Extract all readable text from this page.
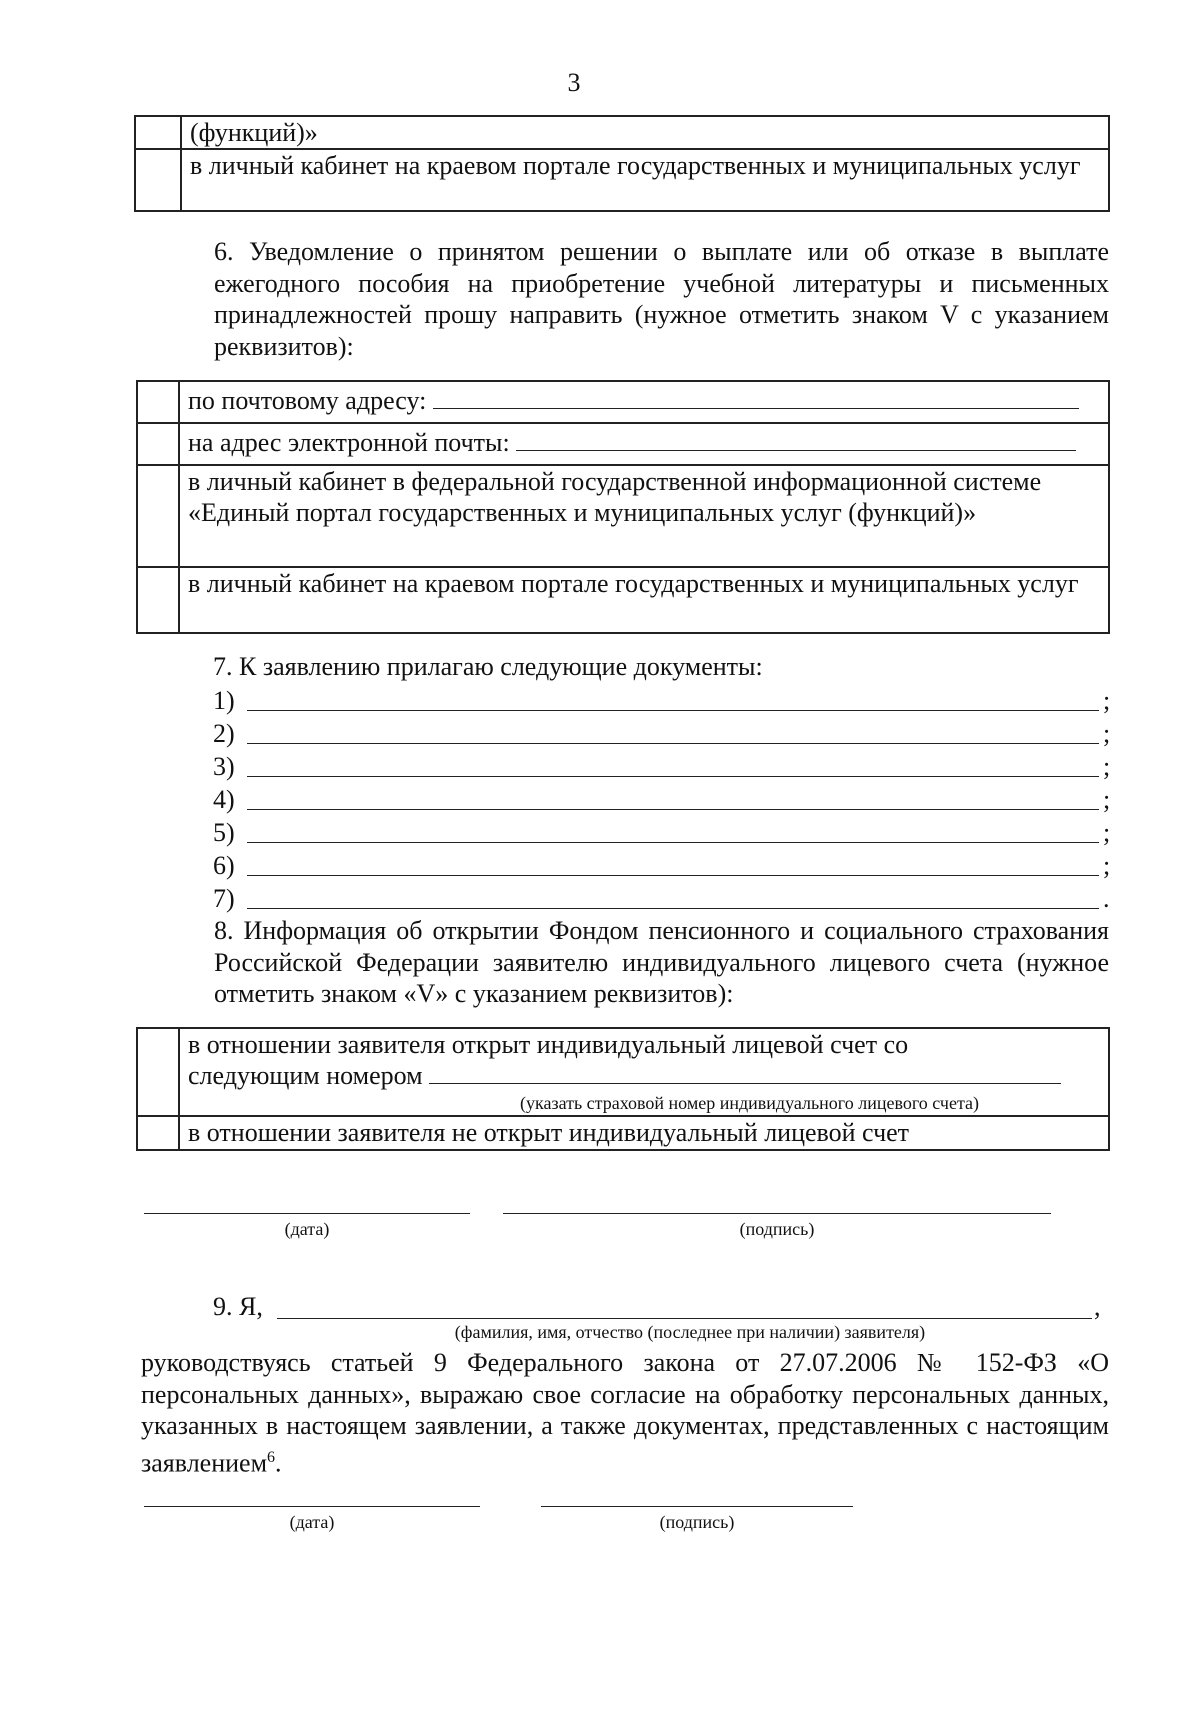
3
	(функций)»
	в личный кабинет на краевом портале государственных и муниципальных услуг
6. Уведомление о принятом решении о выплате или об отказе в выплате ежегодного пособия на приобретение учебной литературы и письменных принадлежностей прошу направить (нужное отметить знаком V с указанием реквизитов):
	по почтовому адресу:
	на адрес электронной почты:
	в личный кабинет в федеральной государственной информационной системе «Единый портал государственных и муниципальных услуг (функций)»
	в личный кабинет на краевом портале государственных и муниципальных услуг
7. К заявлению прилагаю следующие документы:
1)	;
2)	;
3)	;
4)	;
5)	;
6)	;
7)	.
8. Информация об открытии Фондом пенсионного и социального страхования Российской Федерации заявителю индивидуального лицевого счета (нужное отметить знаком «V» с указанием реквизитов):

	в отношении заявителя открыт индивидуальный лицевой счет со
следующим номером
(указать страховой номер индивидуального лицевого счета)

	в отношении заявителя не открыт индивидуальный лицевой счет
(дата)	(подпись)
9. Я,	,
(фамилия, имя, отчество (последнее при наличии) заявителя)
руководствуясь статьей 9 Федерального закона от 27.07.2006 № 152-ФЗ «О персональных данных», выражаю свое согласие на обработку персональных данных, указанных в настоящем заявлении, а также документах, представленных с настоящим заявлением$^6$.
(дата)	(подпись)
